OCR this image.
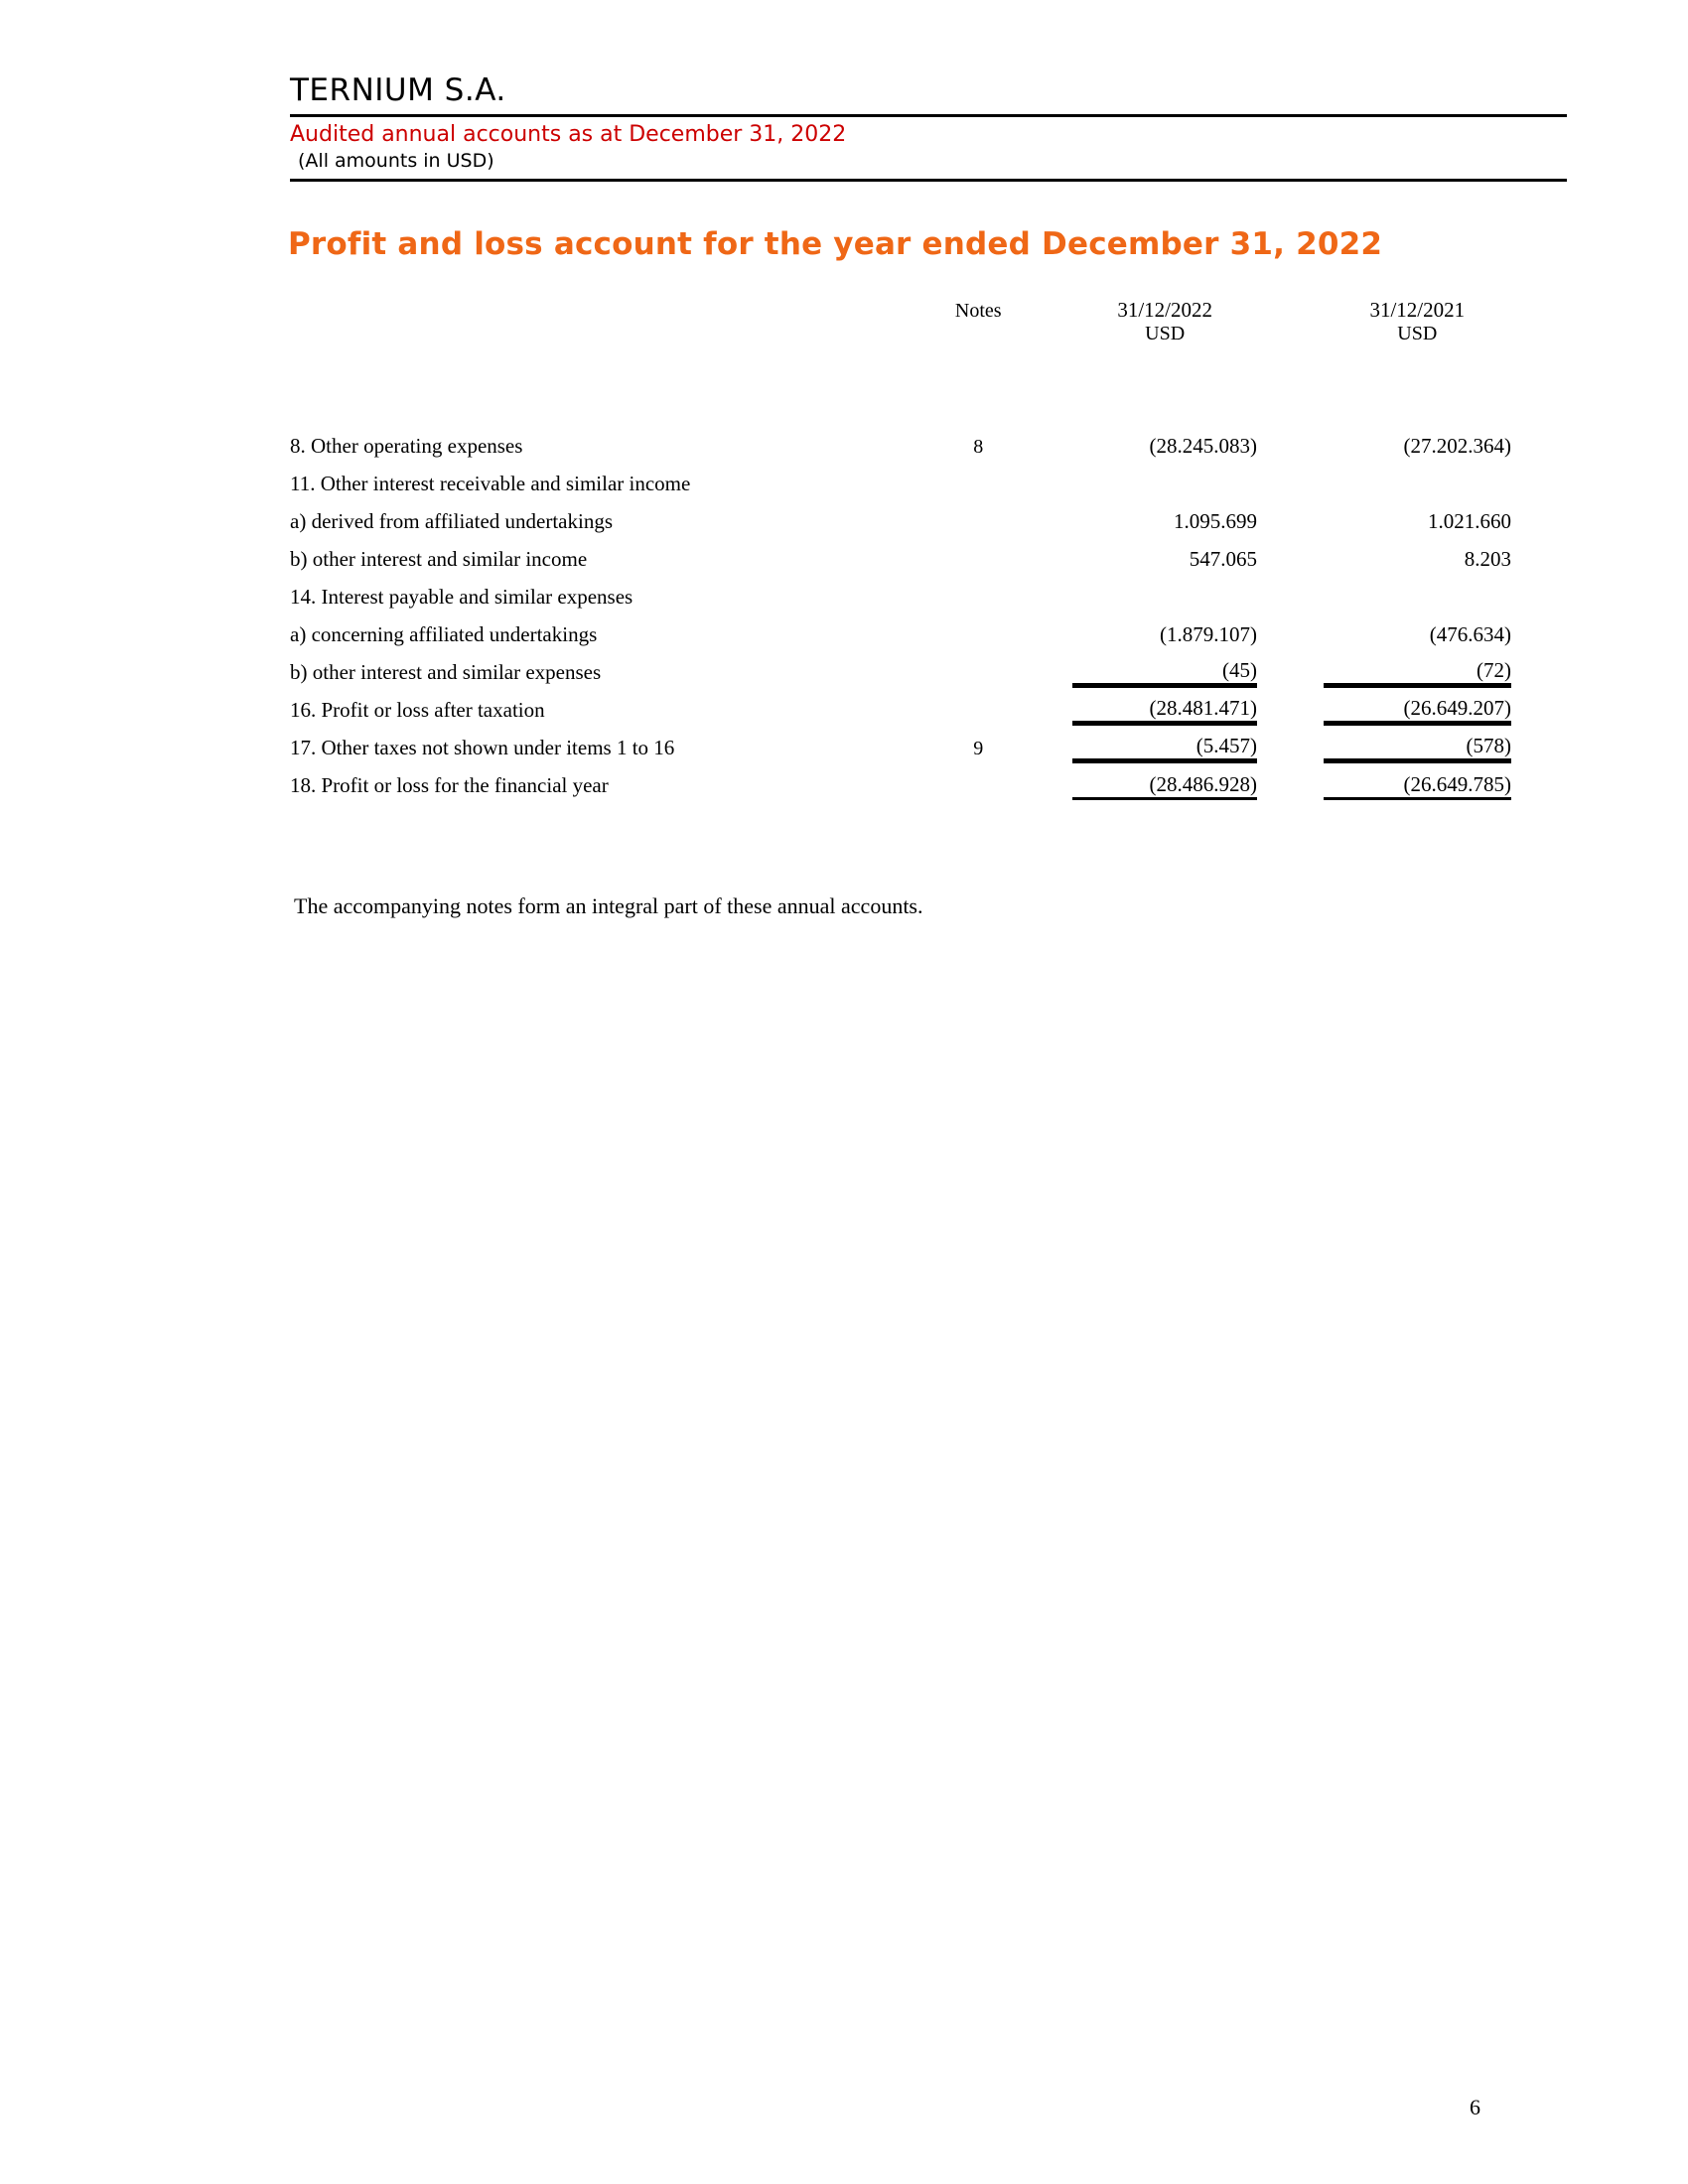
TERNIUM S.A.
Audited annual accounts as at December 31, 2022
(All amounts in USD)
Profit and loss account for the year ended December 31, 2022
	Notes		31/12/2022		31/12/2021
			USD		USD

8. Other operating expenses	8		(28.245.083)		(27.202.364)
11. Other interest receivable and similar income					
a) derived from affiliated undertakings			1.095.699		1.021.660
b) other interest and similar income			547.065		8.203
14. Interest payable and similar expenses					
a) concerning affiliated undertakings			(1.879.107)		(476.634)
b) other interest and similar expenses			(45)		(72)
16. Profit or loss after taxation			(28.481.471)		(26.649.207)
17. Other taxes not shown under items 1 to 16	9		(5.457)		(578)
18. Profit or loss for the financial year			(28.486.928)		(26.649.785)
The accompanying notes form an integral part of these annual accounts.
6
